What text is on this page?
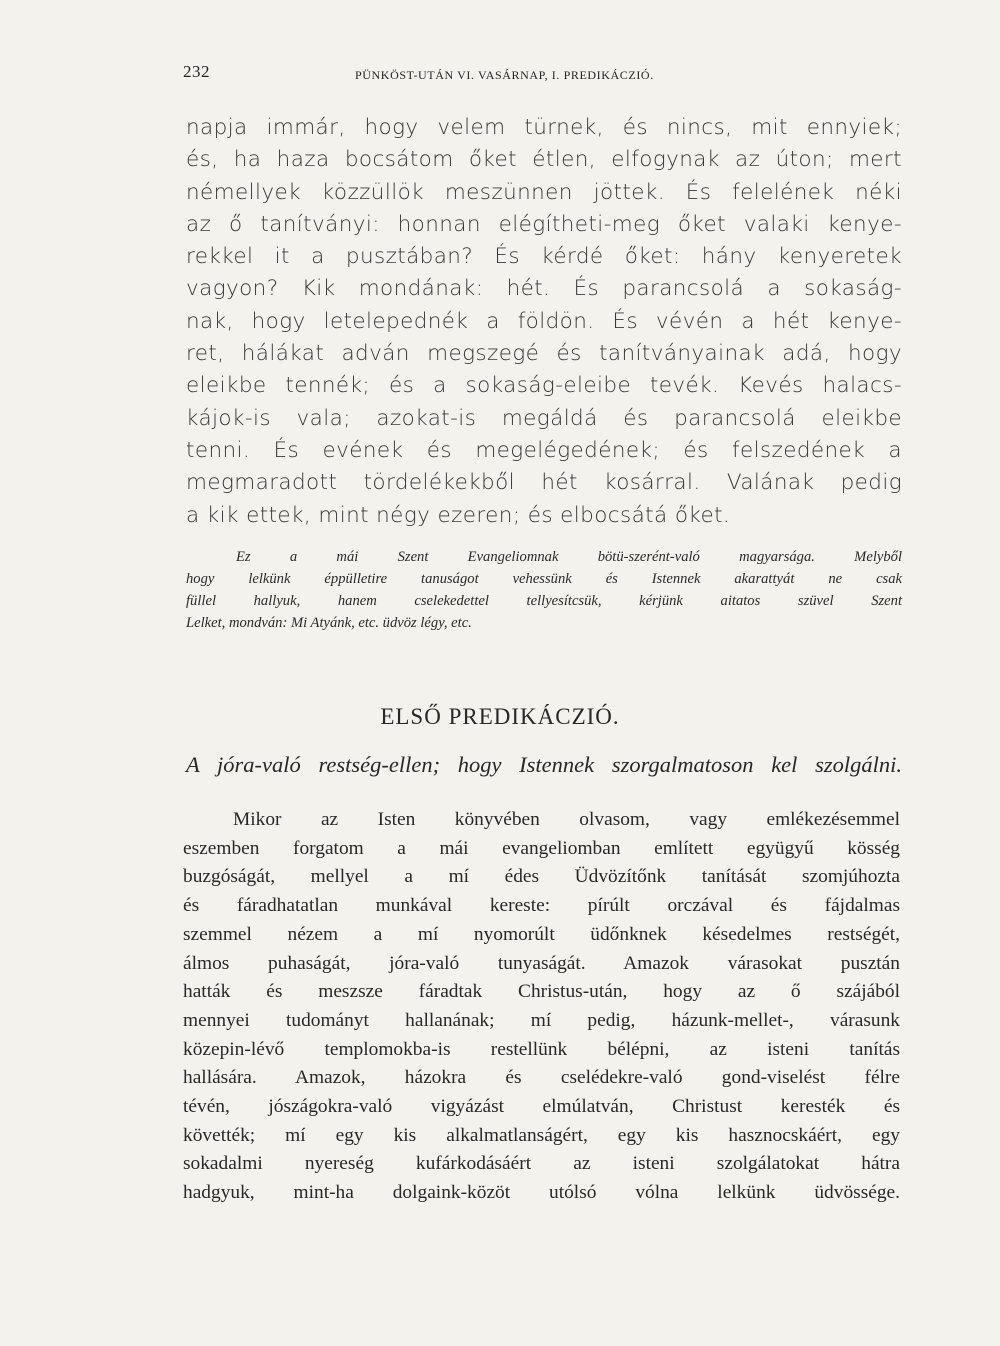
232	PÜNKÖST-UTÁN VI. VASÁRNAP, I. PREDIKÁCZIÓ.
napja immár, hogy velem türnek, és nincs, mit ennyiek;
és, ha haza bocsátom őket étlen, elfogynak az úton; mert
némellyek közzüllök meszünnen jöttek. És felelének néki
az ő tanítványi: honnan elégítheti-meg őket valaki kenye-
rekkel it a pusztában? És kérdé őket: hány kenyeretek
vagyon? Kik mondának: hét. És parancsolá a sokaság-
nak, hogy letelepednék a földön. És vévén a hét kenye-
ret, hálákat adván megszegé és tanítványainak adá, hogy
eleikbe tennék; és a sokaság-eleibe tevék. Kevés halacs-
kájok-is vala; azokat-is megáldá és parancsolá eleikbe
tenni. És evének és megelégedének; és felszedének a
megmaradott tördelékekből hét kosárral. Valának pedig
a kik ettek, mint négy ezeren; és elbocsátá őket.
Ez a mái Szent Evangeliomnak bötü-szerént-való magyarsága. Melyből
hogy lelkünk éppülletire tanuságot vehessünk és Istennek akarattyát ne csak
füllel hallyuk, hanem cselekedettel tellyesítcsük, kérjünk aitatos szüvel Szent
Lelket, mondván: Mi Atyánk, etc. üdvöz légy, etc.
ELSŐ PREDIKÁCZIÓ.
A jóra-való restség-ellen; hogy Istennek szorgalmatoson kel szolgálni.
Mikor az Isten könyvében olvasom, vagy emlékezésemmel
eszemben forgatom a mái evangeliomban említett együgyű kösség
buzgóságát, mellyel a mí édes Üdvözítőnk tanítását szomjúhozta
és fáradhatatlan munkával kereste: pírúlt orczával és fájdalmas
szemmel nézem a mí nyomorúlt üdőnknek késedelmes restségét,
álmos puhaságát, jóra-való tunyaságát. Amazok várasokat pusztán
hatták és meszsze fáradtak Christus-után, hogy az ő szájából
mennyei tudományt hallanának; mí pedig, házunk-mellet-, várasunk
közepin-lévő templomokba-is restellünk bélépni, az isteni tanítás
hallására. Amazok, házokra és cselédekre-való gond-viselést félre
tévén, jószágokra-való vigyázást elmúlatván, Christust keresték és
követték; mí egy kis alkalmatlanságért, egy kis hasznocskáért, egy
sokadalmi nyereség kufárkodásáért az isteni szolgálatokat hátra
hadgyuk, mint-ha dolgaink-közöt utólsó vólna lelkünk üdvössége.
